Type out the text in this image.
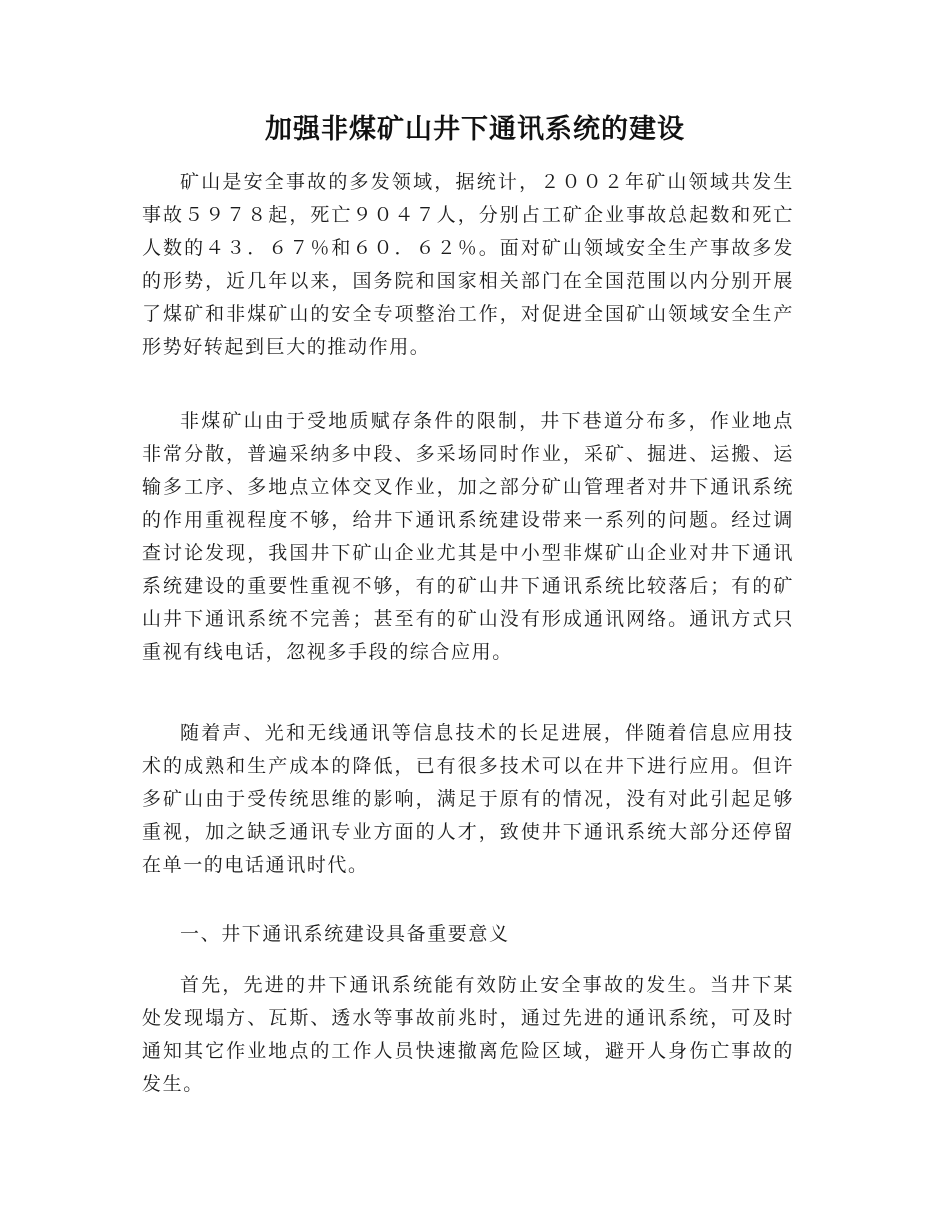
加强非煤矿山井下通讯系统的建设

矿山是安全事故的多发领域，据统计，２００２年矿山领域共发生事故５９７８起，死亡９０４７人，分别占工矿企业事故总起数和死亡人数的４３．６７％和６０．６２％。面对矿山领域安全生产事故多发的形势，近几年以来，国务院和国家相关部门在全国范围以内分别开展了煤矿和非煤矿山的安全专项整治工作，对促进全国矿山领域安全生产形势好转起到巨大的推动作用。

非煤矿山由于受地质赋存条件的限制，井下巷道分布多，作业地点非常分散，普遍采纳多中段、多采场同时作业，采矿、掘进、运搬、运输多工序、多地点立体交叉作业，加之部分矿山管理者对井下通讯系统的作用重视程度不够，给井下通讯系统建设带来一系列的问题。经过调查讨论发现，我国井下矿山企业尤其是中小型非煤矿山企业对井下通讯系统建设的重要性重视不够，有的矿山井下通讯系统比较落后；有的矿山井下通讯系统不完善；甚至有的矿山没有形成通讯网络。通讯方式只重视有线电话，忽视多手段的综合应用。

随着声、光和无线通讯等信息技术的长足进展，伴随着信息应用技术的成熟和生产成本的降低，已有很多技术可以在井下进行应用。但许多矿山由于受传统思维的影响，满足于原有的情况，没有对此引起足够重视，加之缺乏通讯专业方面的人才，致使井下通讯系统大部分还停留在单一的电话通讯时代。

一、井下通讯系统建设具备重要意义

首先，先进的井下通讯系统能有效防止安全事故的发生。当井下某处发现塌方、瓦斯、透水等事故前兆时，通过先进的通讯系统，可及时通知其它作业地点的工作人员快速撤离危险区域，避开人身伤亡事故的发生。
